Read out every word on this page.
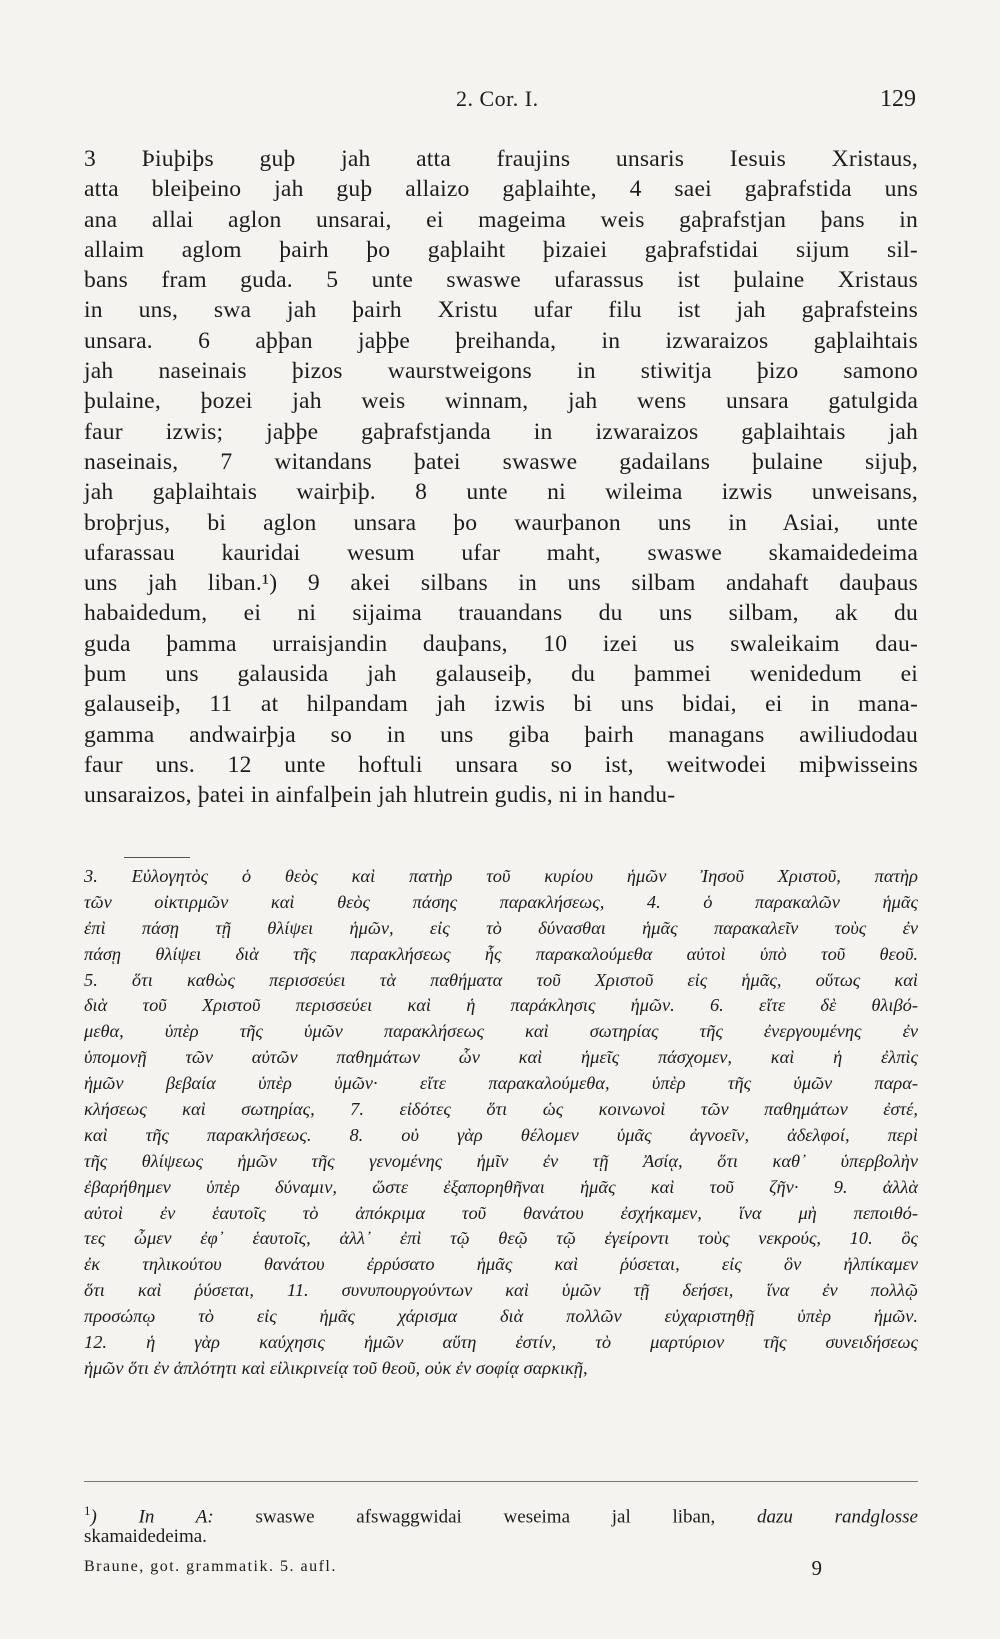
2. Cor. I.	129
3 Þiuþiþs guþ jah atta fraujins unsaris Iesuis Xristaus,
atta bleiþeino jah guþ allaizo gaþlaihte, 4 saei gaþrafstida uns
ana allai aglon unsarai, ei mageima weis gaþrafstjan þans in
allaim aglom þairh þo gaþlaiht þizaiei gaþrafstidai sijum sil-
bans fram guda. 5 unte swaswe ufarassus ist þulaine Xristaus
in uns, swa jah þairh Xristu ufar filu ist jah gaþrafsteins
unsara. 6 aþþan jaþþe þreihanda, in izwaraizos gaþlaihtais
jah naseinais þizos waurstweigons in stiwitja þizo samono
þulaine, þozei jah weis winnam, jah wens unsara gatulgida
faur izwis; jaþþe gaþrafstjanda in izwaraizos gaþlaihtais jah
naseinais, 7 witandans þatei swaswe gadailans þulaine sijuþ,
jah gaþlaihtais wairþiþ. 8 unte ni wileima izwis unweisans,
broþrjus, bi aglon unsara þo waurþanon uns in Asiai, unte
ufarassau kauridai wesum ufar maht, swaswe skamaidedeima
uns jah liban.¹) 9 akei silbans in uns silbam andahaft dauþaus
habaidedum, ei ni sijaima trauandans du uns silbam, ak du
guda þamma urraisjandin dauþans, 10 izei us swaleikaim dau-
þum uns galausida jah galauseiþ, du þammei wenidedum ei
galauseiþ, 11 at hilpandam jah izwis bi uns bidai, ei in mana-
gamma andwairþja so in uns giba þairh managans awiliudodau
faur uns. 12 unte hoftuli unsara so ist, weitwodei miþwisseins
unsaraizos, þatei in ainfalþein jah hlutrein gudis, ni in handu-
3. Εὐλογητὸς ὁ θεὸς καὶ πατὴρ τοῦ κυρίου ἡμῶν Ἰησοῦ Χριστοῦ, πατὴρ
τῶν οἰκτιρμῶν καὶ θεὸς πάσης παρακλήσεως, 4. ὁ παρακαλῶν ἡμᾶς
ἐπὶ πάσῃ τῇ θλίψει ἡμῶν, εἰς τὸ δύνασθαι ἡμᾶς παρακαλεῖν τοὺς ἐν
πάσῃ θλίψει διὰ τῆς παρακλήσεως ἧς παρακαλούμεθα αὐτοὶ ὑπὸ τοῦ θεοῦ.
5. ὅτι καθὼς περισσεύει τὰ παθήματα τοῦ Χριστοῦ εἰς ἡμᾶς, οὕτως καὶ
διὰ τοῦ Χριστοῦ περισσεύει καὶ ἡ παράκλησις ἡμῶν. 6. εἴτε δὲ θλιβό-
μεθα, ὑπὲρ τῆς ὑμῶν παρακλήσεως καὶ σωτηρίας τῆς ἐνεργουμένης ἐν
ὑπομονῇ τῶν αὐτῶν παθημάτων ὧν καὶ ἡμεῖς πάσχομεν, καὶ ἡ ἐλπὶς
ἡμῶν βεβαία ὑπὲρ ὑμῶν· εἴτε παρακαλούμεθα, ὑπὲρ τῆς ὑμῶν παρα-
κλήσεως καὶ σωτηρίας, 7. εἰδότες ὅτι ὡς κοινωνοὶ τῶν παθημάτων ἐστέ,
καὶ τῆς παρακλήσεως. 8. οὐ γὰρ θέλομεν ὑμᾶς ἀγνοεῖν, ἀδελφοί, περὶ
τῆς θλίψεως ἡμῶν τῆς γενομένης ἡμῖν ἐν τῇ Ἀσίᾳ, ὅτι καθ᾽ ὑπερβολὴν
ἐβαρήθημεν ὑπὲρ δύναμιν, ὥστε ἐξαπορηθῆναι ἡμᾶς καὶ τοῦ ζῆν· 9. ἀλλὰ
αὐτοὶ ἐν ἑαυτοῖς τὸ ἀπόκριμα τοῦ θανάτου ἐσχήκαμεν, ἵνα μὴ πεποιθό-
τες ὦμεν ἐφ᾽ ἑαυτοῖς, ἀλλ᾽ ἐπὶ τῷ θεῷ τῷ ἐγείροντι τοὺς νεκρούς, 10. ὃς
ἐκ τηλικούτου θανάτου ἐρρύσατο ἡμᾶς καὶ ῥύσεται, εἰς ὃν ἠλπίκαμεν
ὅτι καὶ ῥύσεται, 11. συνυπουργούντων καὶ ὑμῶν τῇ δεήσει, ἵνα ἐν πολλῷ
προσώπῳ τὸ εἰς ἡμᾶς χάρισμα διὰ πολλῶν εὐχαριστηθῇ ὑπὲρ ἡμῶν.
12. ἡ γὰρ καύχησις ἡμῶν αὕτη ἐστίν, τὸ μαρτύριον τῆς συνειδήσεως
ἡμῶν ὅτι ἐν ἁπλότητι καὶ εἰλικρινείᾳ τοῦ θεοῦ, οὐκ ἐν σοφίᾳ σαρκικῇ,
$^1$) In A: swaswe afswaggwidai weseima jal liban, dazu randglosse
skamaidedeima.
Braune, got. grammatik. 5. aufl.	9
